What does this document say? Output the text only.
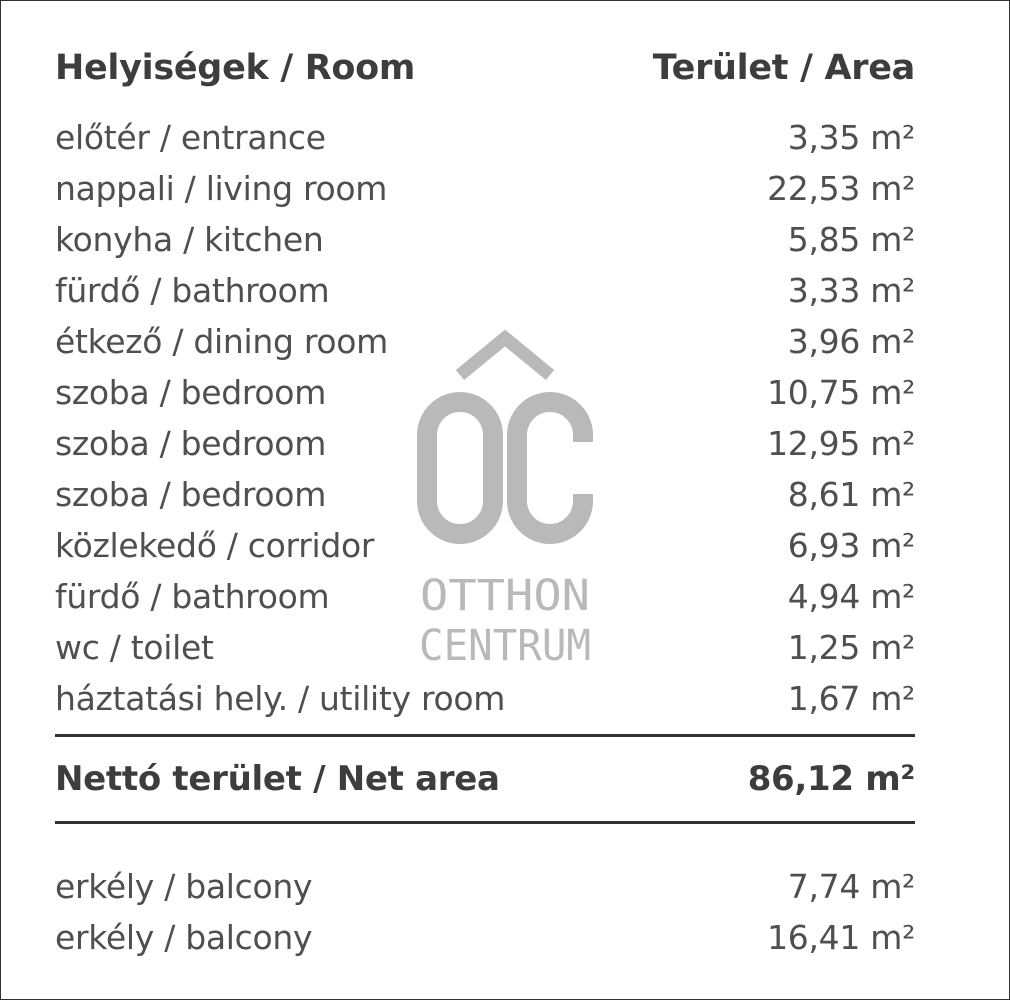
OTTHON
CENTRUM
Helyiségek / Room	Terület / Area
előtér / entrance	3,35 m²
nappali / living room	22,53 m²
konyha / kitchen	5,85 m²
fürdő / bathroom	3,33 m²
étkező / dining room	3,96 m²
szoba / bedroom	10,75 m²
szoba / bedroom	12,95 m²
szoba / bedroom	8,61 m²
közlekedő / corridor	6,93 m²
fürdő / bathroom	4,94 m²
wc / toilet	1,25 m²
háztatási hely. / utility room	1,67 m²
Nettó terület / Net area	86,12 m²
erkély / balcony	7,74 m²
erkély / balcony	16,41 m²
